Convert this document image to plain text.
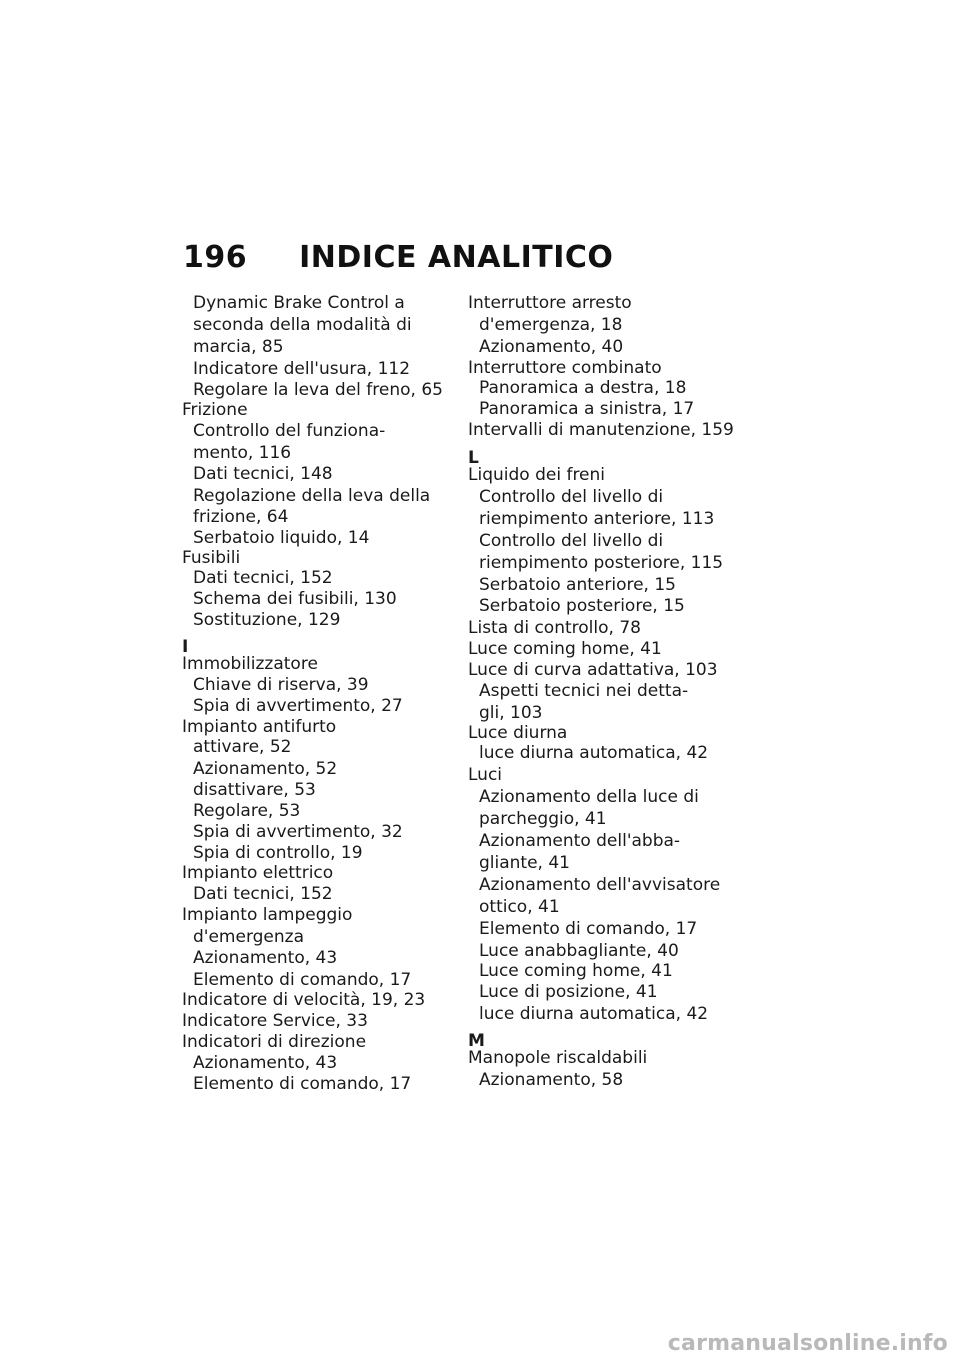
196 INDICE ANALITICO
Dynamic Brake Control a
seconda della modalità di
marcia, 85
Indicatore dell'usura, 112
Regolare la leva del freno, 65
Frizione
Controllo del funziona-
mento, 116
Dati tecnici, 148
Regolazione della leva della
frizione, 64
Serbatoio liquido, 14
Fusibili
Dati tecnici, 152
Schema dei fusibili, 130
Sostituzione, 129
I
Immobilizzatore
Chiave di riserva, 39
Spia di avvertimento, 27
Impianto antifurto
attivare, 52
Azionamento, 52
disattivare, 53
Regolare, 53
Spia di avvertimento, 32
Spia di controllo, 19
Impianto elettrico
Dati tecnici, 152
Impianto lampeggio
d'emergenza
Azionamento, 43
Elemento di comando, 17
Indicatore di velocità, 19, 23
Indicatore Service, 33
Indicatori di direzione
Azionamento, 43
Elemento di comando, 17
Interruttore arresto
d'emergenza, 18
Azionamento, 40
Interruttore combinato
Panoramica a destra, 18
Panoramica a sinistra, 17
Intervalli di manutenzione, 159
L
Liquido dei freni
Controllo del livello di
riempimento anteriore, 113
Controllo del livello di
riempimento posteriore, 115
Serbatoio anteriore, 15
Serbatoio posteriore, 15
Lista di controllo, 78
Luce coming home, 41
Luce di curva adattativa, 103
Aspetti tecnici nei detta-
gli, 103
Luce diurna
luce diurna automatica, 42
Luci
Azionamento della luce di
parcheggio, 41
Azionamento dell'abba-
gliante, 41
Azionamento dell'avvisatore
ottico, 41
Elemento di comando, 17
Luce anabbagliante, 40
Luce coming home, 41
Luce di posizione, 41
luce diurna automatica, 42
M
Manopole riscaldabili
Azionamento, 58
carmanualsonline.info
